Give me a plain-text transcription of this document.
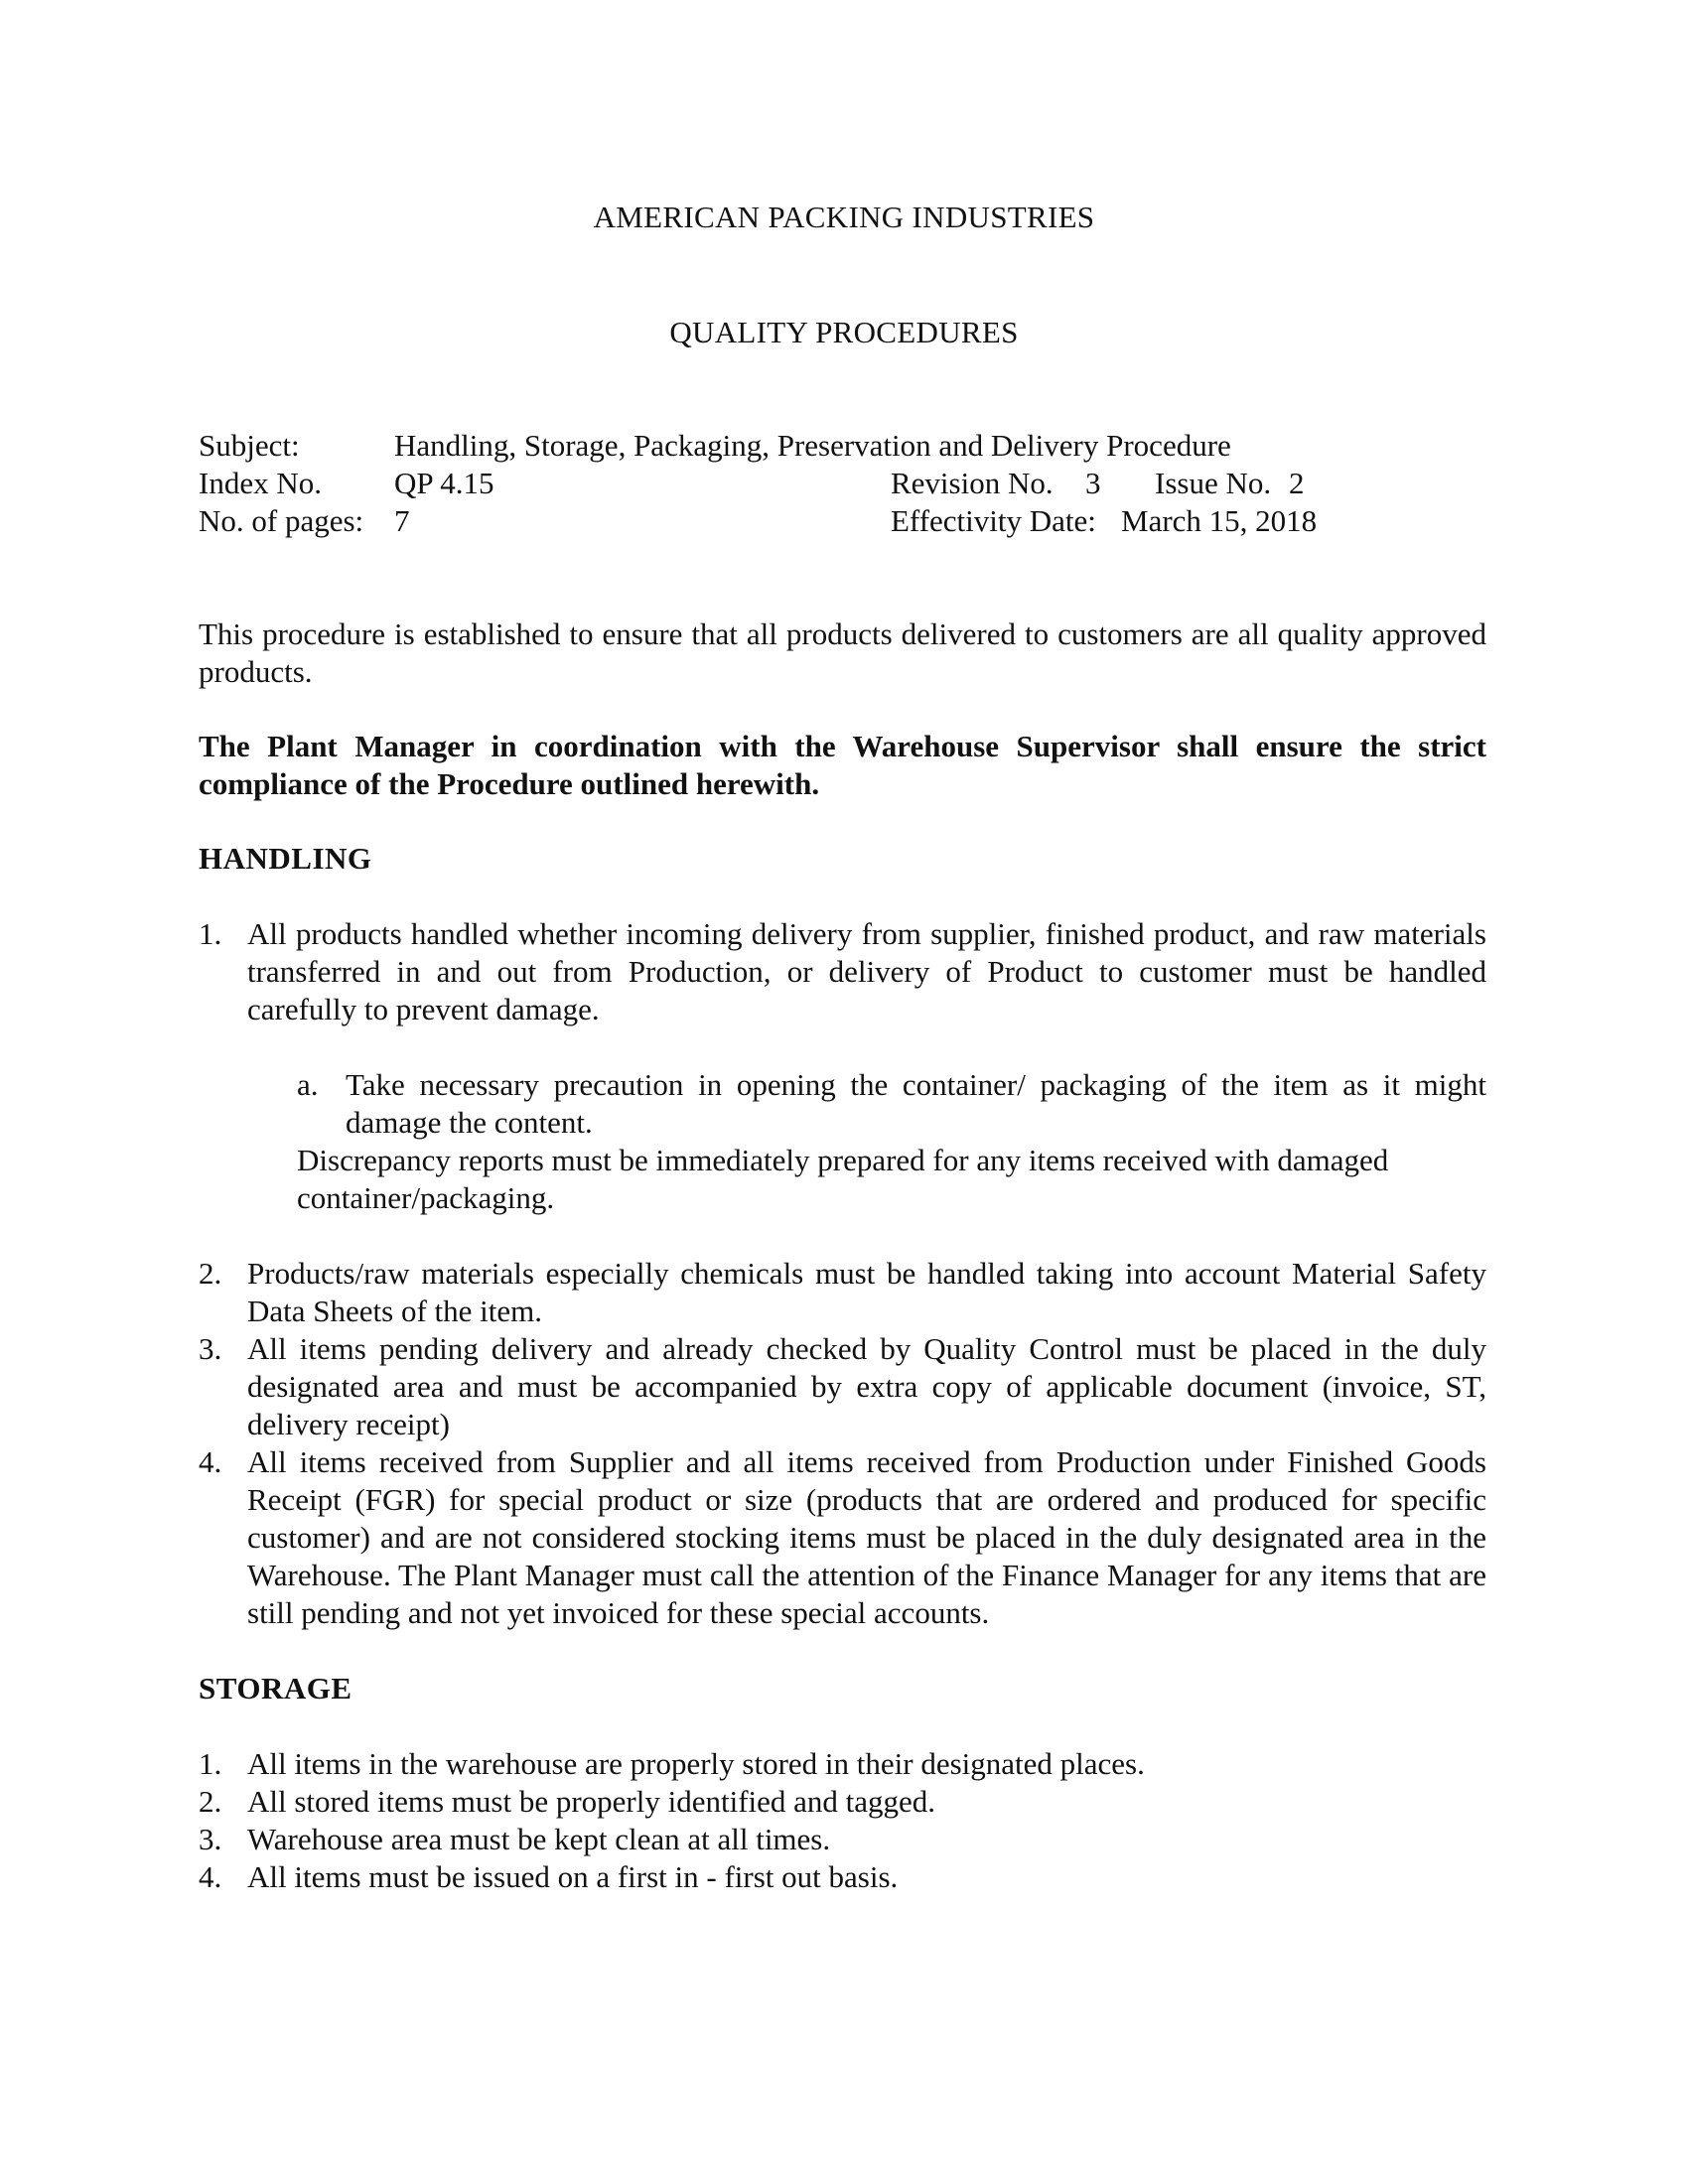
AMERICAN PACKING INDUSTRIES
QUALITY PROCEDURES
Subject:	Handling, Storage, Packaging, Preservation and Delivery Procedure
Index No. QP 4.15	Revision No. 3 Issue No. 2
No. of pages: 7	Effectivity Date: March 15, 2018
This procedure is established to ensure that all products delivered to customers are all quality approved products.
The Plant Manager in coordination with the Warehouse Supervisor shall ensure the strict compliance of the Procedure outlined herewith.
HANDLING
1. All products handled whether incoming delivery from supplier, finished product, and raw materials transferred in and out from Production, or delivery of Product to customer must be handled carefully to prevent damage.
a. Take necessary precaution in opening the container/ packaging of the item as it might damage the content.
Discrepancy reports must be immediately prepared for any items received with damaged container/packaging.
2. Products/raw materials especially chemicals must be handled taking into account Material Safety Data Sheets of the item.
3. All items pending delivery and already checked by Quality Control must be placed in the duly designated area and must be accompanied by extra copy of applicable document (invoice, ST, delivery receipt)
4. All items received from Supplier and all items received from Production under Finished Goods Receipt (FGR) for special product or size (products that are ordered and produced for specific customer) and are not considered stocking items must be placed in the duly designated area in the Warehouse. The Plant Manager must call the attention of the Finance Manager for any items that are still pending and not yet invoiced for these special accounts.
STORAGE
1. All items in the warehouse are properly stored in their designated places.
2. All stored items must be properly identified and tagged.
3. Warehouse area must be kept clean at all times.
4. All items must be issued on a first in - first out basis.
